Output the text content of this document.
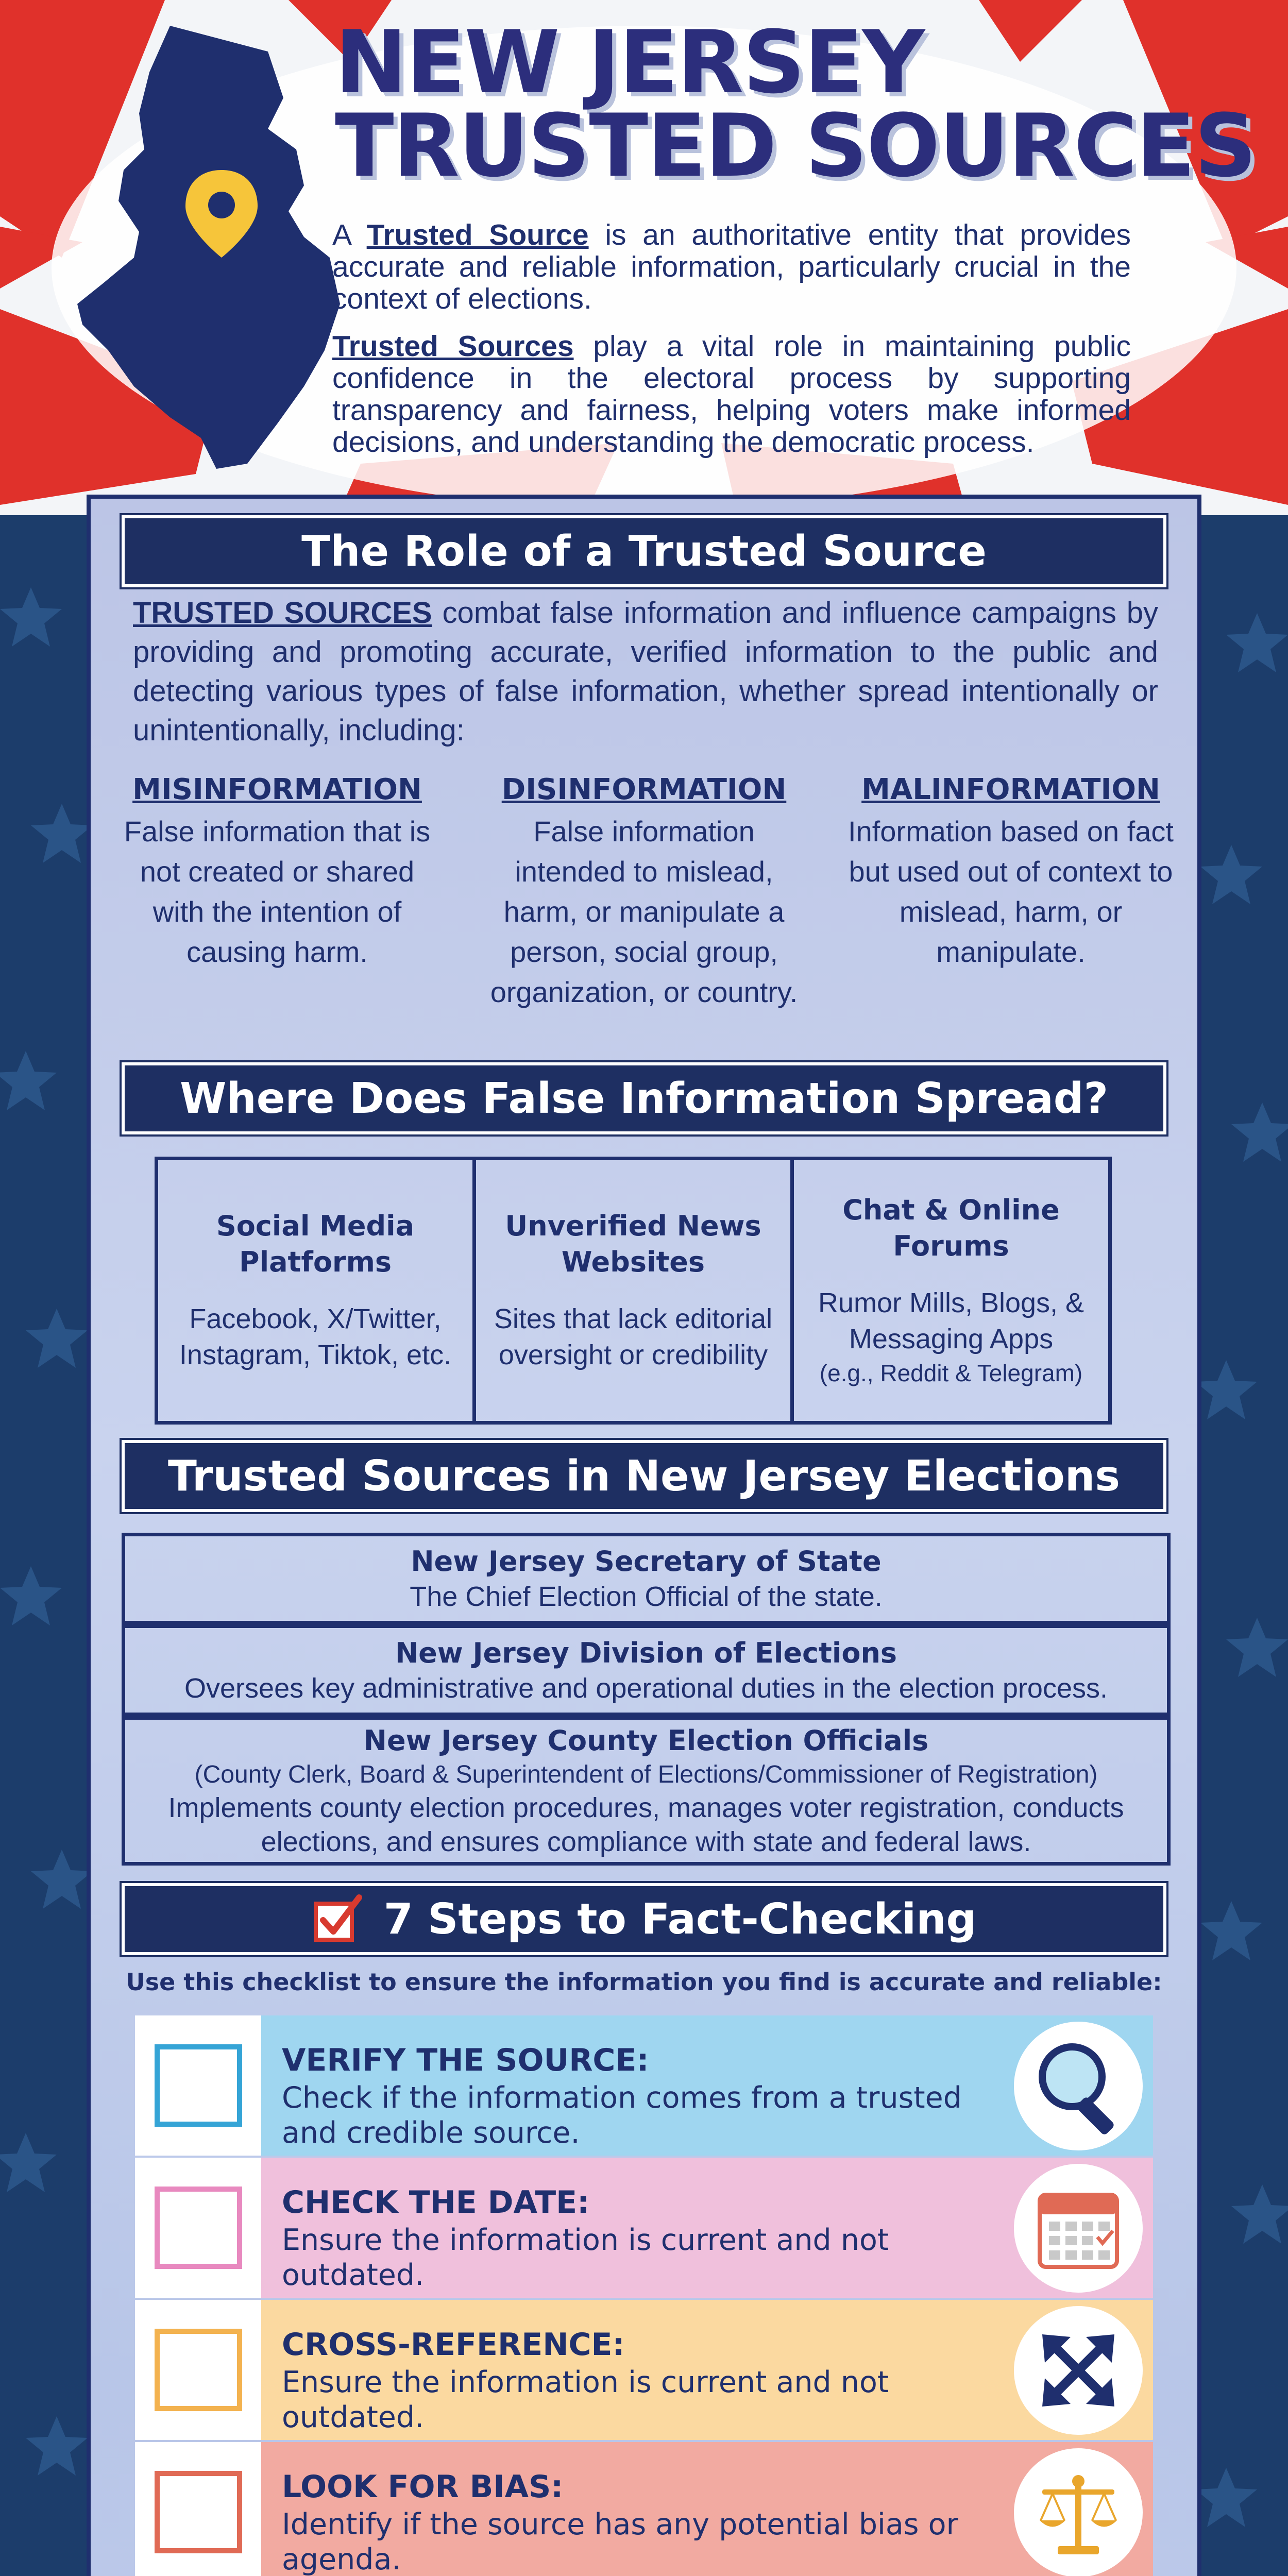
NEW JERSEY
TRUSTED SOURCES

A Trusted Source is an authoritative entity that provides accurate and reliable information, particularly crucial in the context of elections.

Trusted Sources play a vital role in maintaining public confidence in the electoral process by supporting transparency and fairness, helping voters make informed decisions, and understanding the democratic process.

The Role of a Trusted Source
TRUSTED SOURCES combat false information and influence campaigns by providing and promoting accurate, verified information to the public and detecting various types of false information, whether spread intentionally or unintentionally, including:
MISINFORMATION
False information that is not created or shared with the intention of causing harm.
DISINFORMATION
False information intended to mislead, harm, or manipulate a person, social group, organization, or country.
MALINFORMATION
Information based on fact but used out of context to mislead, harm, or manipulate.
Where Does False Information Spread?
Social Media Platforms
Facebook, X/Twitter, Instagram, Tiktok, etc.
Unverified News Websites
Sites that lack editorial oversight or credibility
Chat & Online Forums
Rumor Mills, Blogs, & Messaging Apps
(e.g., Reddit & Telegram)
Trusted Sources in New Jersey Elections
New Jersey Secretary of State
The Chief Election Official of the state.
New Jersey Division of Elections
Oversees key administrative and operational duties in the election process.
New Jersey County Election Officials
(County Clerk, Board & Superintendent of Elections/Commissioner of Registration)
Implements county election procedures, manages voter registration, conducts elections, and ensures compliance with state and federal laws.
7 Steps to Fact-Checking
Use this checklist to ensure the information you find is accurate and reliable:
VERIFY THE SOURCE:
Check if the information comes from a trusted and credible source.
CHECK THE DATE:
Ensure the information is current and not outdated.
CROSS-REFERENCE:
Ensure the information is current and not outdated.
LOOK FOR BIAS:
Identify if the source has any potential bias or agenda.
